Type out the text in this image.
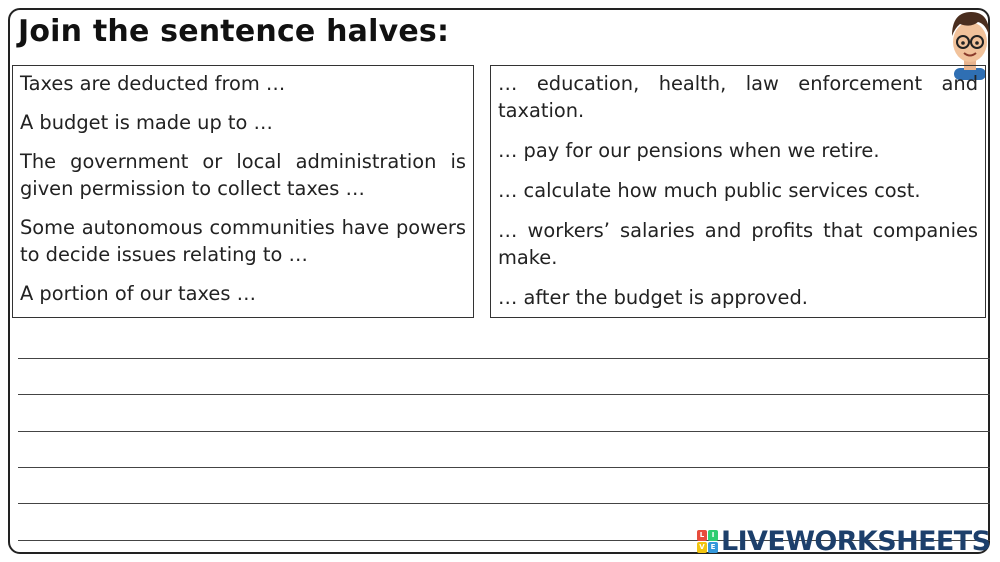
Join the sentence halves:

Taxes are deducted from …

A budget is made up to …

The government or local administration is given permission to collect taxes …

Some autonomous communities have powers to decide issues relating to …

A portion of our taxes …

… education, health, law enforcement and taxation.

… pay for our pensions when we retire.

… calculate how much public services cost.

… workers’ salaries and profits that companies make.

… after the budget is approved.

L	I
V E LIVEWORKSHEETS
